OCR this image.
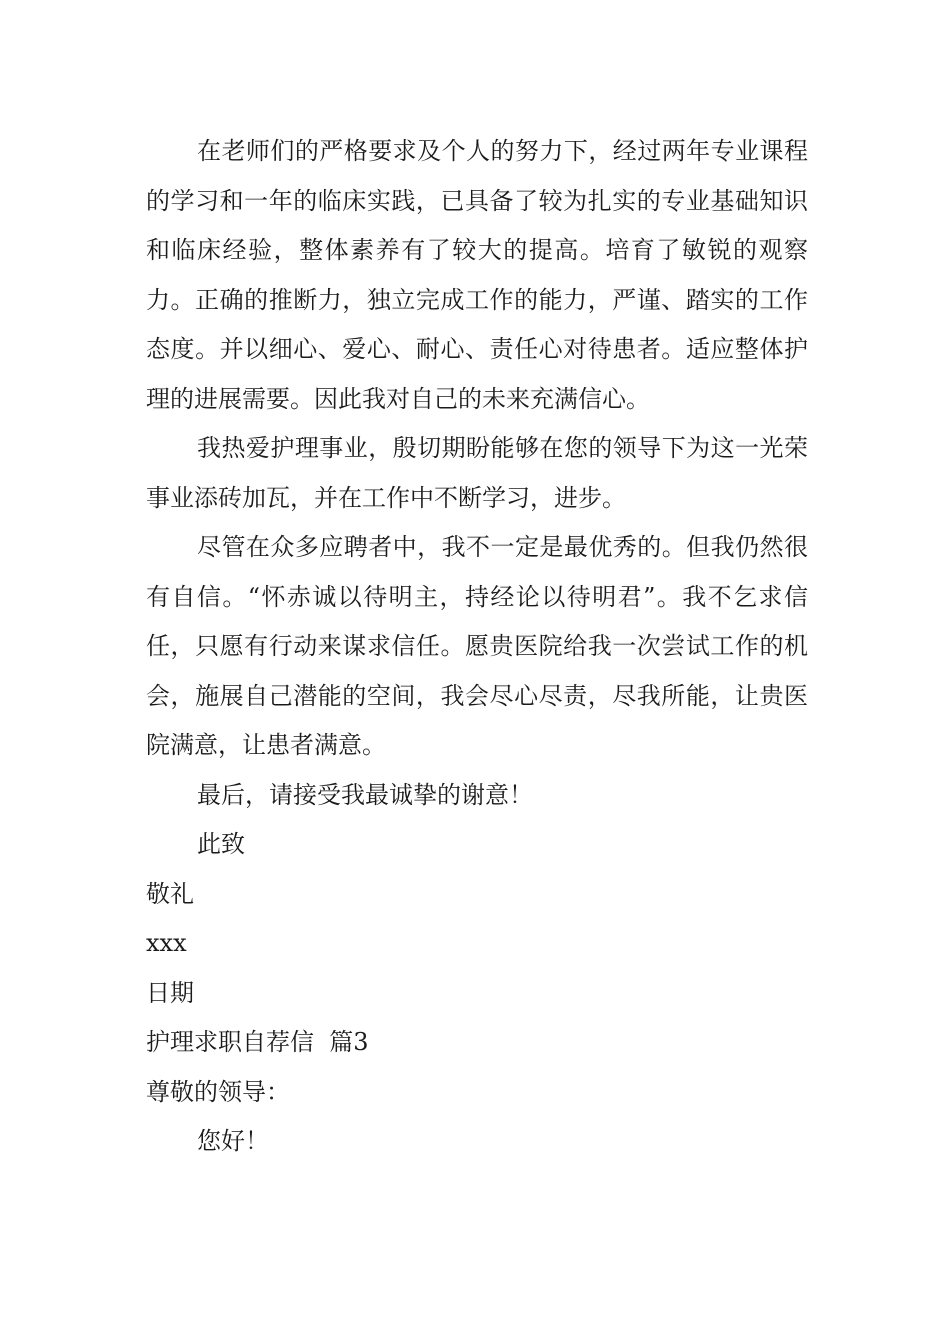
在老师们的严格要求及个人的努力下，经过两年专业课程的学习和一年的临床实践，已具备了较为扎实的专业基础知识和临床经验，整体素养有了较大的提高。培育了敏锐的观察力。正确的推断力，独立完成工作的能力，严谨、踏实的工作态度。并以细心、爱心、耐心、责任心对待患者。适应整体护理的进展需要。因此我对自己的未来充满信心。

我热爱护理事业，殷切期盼能够在您的领导下为这一光荣事业添砖加瓦，并在工作中不断学习，进步。

尽管在众多应聘者中，我不一定是最优秀的。但我仍然很有自信。“怀赤诚以待明主，持经论以待明君”。我不乞求信任，只愿有行动来谋求信任。愿贵医院给我一次尝试工作的机会，施展自己潜能的空间，我会尽心尽责，尽我所能，让贵医院满意，让患者满意。

最后，请接受我最诚挚的谢意！

此致

敬礼

xxx

日期

护理求职自荐信  篇3

尊敬的领导：

您好！
